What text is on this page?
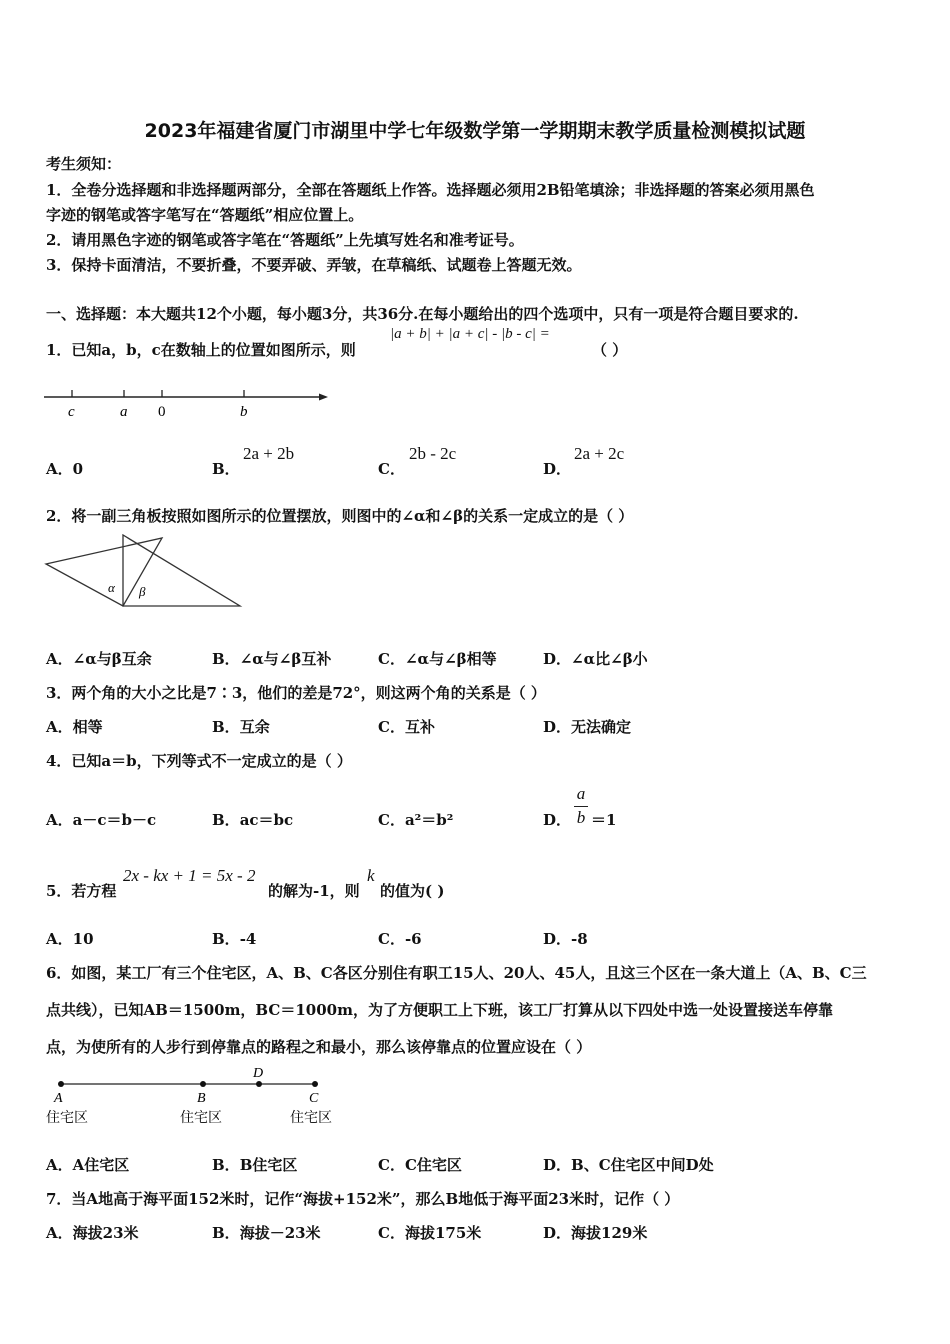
2023年福建省厦门市湖里中学七年级数学第一学期期末教学质量检测模拟试题
考生须知：
1．全卷分选择题和非选择题两部分，全部在答题纸上作答。选择题必须用2B铅笔填涂；非选择题的答案必须用黑色
字迹的钢笔或答字笔写在“答题纸”相应位置上。
2．请用黑色字迹的钢笔或答字笔在“答题纸”上先填写姓名和准考证号。
3．保持卡面清洁，不要折叠，不要弄破、弄皱，在草稿纸、试题卷上答题无效。
一、选择题：本大题共12个小题，每小题3分，共36分.在每小题给出的四个选项中，只有一项是符合题目要求的.
1．已知a，b，c在数轴上的位置如图所示，则
|a + b| + |a + c| - |b - c| =
（ ）
c	a 0	b
A．0	B．
2a + 2b
C．
2b - 2c
D．
2a + 2c
2．将一副三角板按照如图所示的位置摆放，则图中的∠α和∠β的关系一定成立的是（ ）
α β
A．∠α与β互余	B．∠α与∠β互补	C．∠α与∠β相等	D．∠α比∠β小
3．两个角的大小之比是7∶3，他们的差是72°，则这两个角的关系是（ ）
A．相等	B．互余	C．互补	D．无法确定
4．已知a＝b，下列等式不一定成立的是（ ）
A．a－c＝b－c	B．ac＝bc	C．a²＝b²	D．
a
b ＝1
5．若方程
2x - kx + 1 = 5x - 2
的解为-1，则
k
的值为( )
A．10	B．-4	C．-6	D．-8
6．如图，某工厂有三个住宅区，A、B、C各区分别住有职工15人、20人、45人，且这三个区在一条大道上（A、B、C三
点共线），已知AB＝1500m，BC＝1000m，为了方便职工上下班，该工厂打算从以下四处中选一处设置接送车停靠
点，为使所有的人步行到停靠点的路程之和最小，那么该停靠点的位置应设在（ ）
A	B
D
C
住宅区	住宅区	住宅区
A．A住宅区	B．B住宅区	C．C住宅区	D．B、C住宅区中间D处
7．当A地高于海平面152米时，记作“海拔+152米”，那么B地低于海平面23米时，记作（ ）
A．海拔23米	B．海拔－23米	C．海拔175米	D．海拔129米
